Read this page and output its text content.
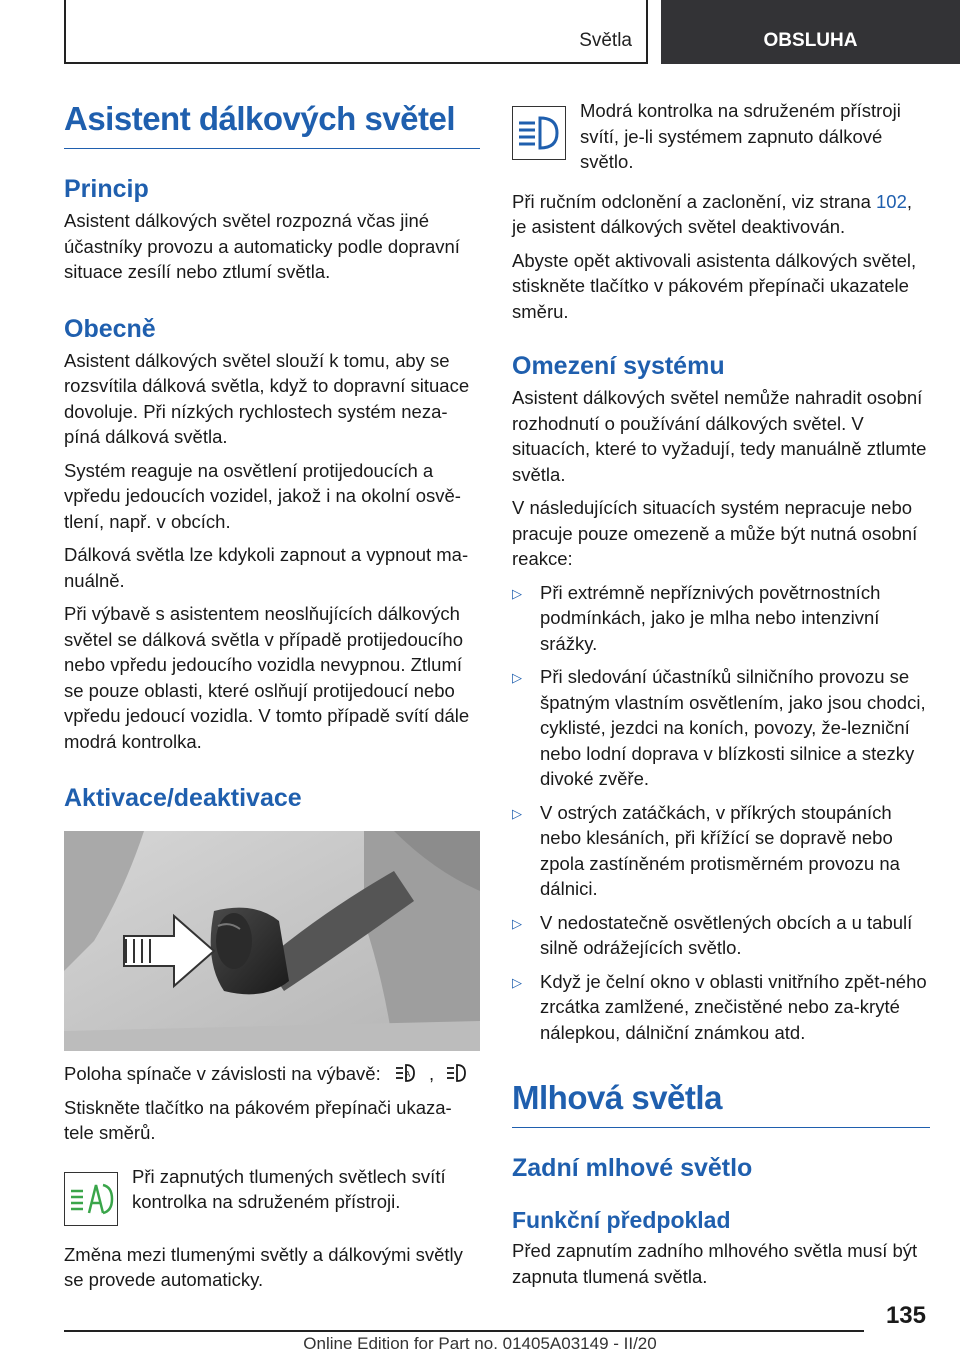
Světla	OBSLUHA
Asistent dálkových světel
Princip

Asistent dálkových světel rozpozná včas jiné účastníky provozu a automaticky podle dopravní situace zesílí nebo ztlumí světla.

Obecně

Asistent dálkových světel slouží k tomu, aby se rozsvítila dálková světla, když to dopravní situace dovoluje. Při nízkých rychlostech systém neza-píná dálková světla.

Systém reaguje na osvětlení protijedoucích a vpředu jedoucích vozidel, jakož i na okolní osvě-tlení, např. v obcích.

Dálková světla lze kdykoli zapnout a vypnout ma-nuálně.

Při výbavě s asistentem neoslňujících dálkových světel se dálková světla v případě protijedoucího nebo vpředu jedoucího vozidla nevypnou. Ztlumí se pouze oblasti, které oslňují protijedoucí nebo vpředu jedoucí vozidla. V tomto případě svítí dále modrá kontrolka.

Aktivace/deaktivace

Poloha spínače v závislosti na výbavě:	A ,

Stiskněte tlačítko na pákovém přepínači ukaza-tele směrů.

Při zapnutých tlumených světlech svítí kontrolka na sdruženém přístroji.

Změna mezi tlumenými světly a dálkovými světly se provede automaticky.

Modrá kontrolka na sdruženém přístroji svítí, je-li systémem zapnuto dálkové světlo.

Při ručním odclonění a zaclonění, viz strana 102, je asistent dálkových světel deaktivován.

Abyste opět aktivovali asistenta dálkových světel, stiskněte tlačítko v pákovém přepínači ukazatele směru.

Omezení systému

Asistent dálkových světel nemůže nahradit osobní rozhodnutí o používání dálkových světel. V situacích, které to vyžadují, tedy manuálně ztlumte světla.

V následujících situacích systém nepracuje nebo pracuje pouze omezeně a může být nutná osobní reakce:

▷ Při extrémně nepříznivých povětrnostních podmínkách, jako je mlha nebo intenzivní srážky.
▷ Při sledování účastníků silničního provozu se špatným vlastním osvětlením, jako jsou chodci, cyklisté, jezdci na koních, povozy, že-lezniční nebo lodní doprava v blízkosti silnice a stezky divoké zvěře.
▷ V ostrých zatáčkách, v příkrých stoupáních nebo klesáních, při křížící se dopravě nebo zpola zastíněném protisměrném provozu na dálnici.
▷ V nedostatečně osvětlených obcích a u tabulí silně odrážejících světlo.
▷ Když je čelní okno v oblasti vnitřního zpět-ného zrcátka zamlžené, znečistěné nebo za-kryté nálepkou, dálniční známkou atd.
Mlhová světla
Zadní mlhové světlo
Funkční předpoklad

Před zapnutím zadního mlhového světla musí být zapnuta tlumená světla.

135
Online Edition for Part no. 01405A03149 - II/20
